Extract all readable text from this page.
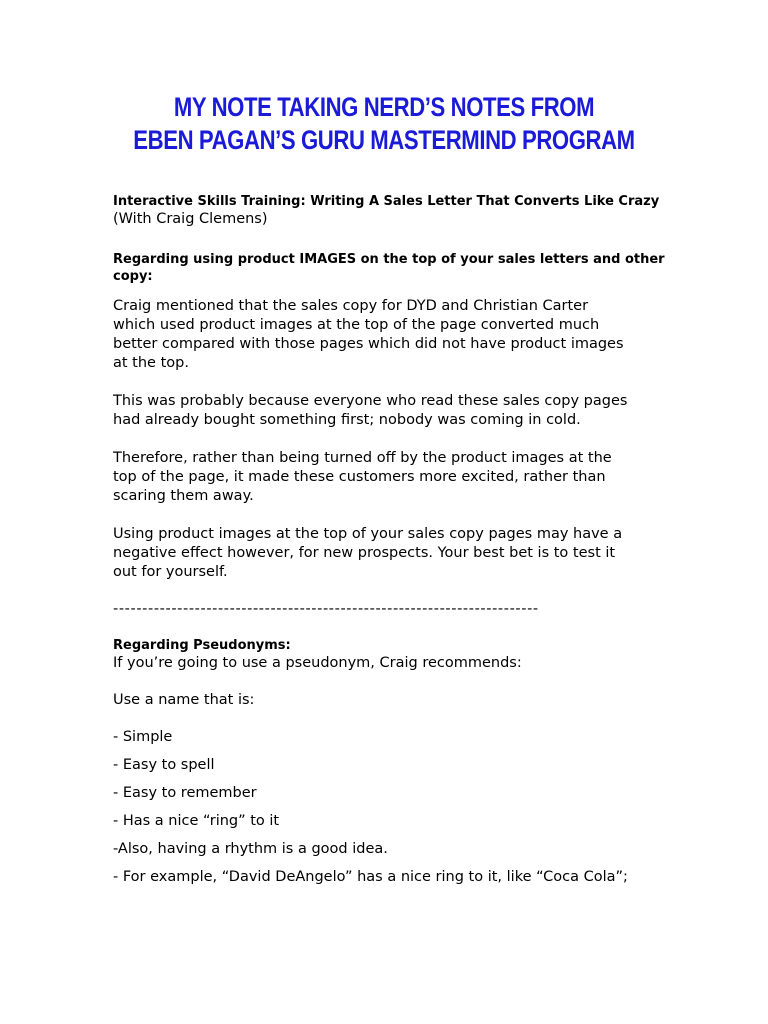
MY NOTE TAKING NERD’S NOTES FROM
EBEN PAGAN’S GURU MASTERMIND PROGRAM

Interactive Skills Training: Writing A Sales Letter That Converts Like Crazy

(With Craig Clemens)

Regarding using product IMAGES on the top of your sales letters and other
copy:

Craig mentioned that the sales copy for DYD and Christian Carter
which used product images at the top of the page converted much
better compared with those pages which did not have product images
at the top.

This was probably because everyone who read these sales copy pages
had already bought something first; nobody was coming in cold.

Therefore, rather than being turned off by the product images at the
top of the page, it made these customers more excited, rather than
scaring them away.

Using product images at the top of your sales copy pages may have a
negative effect however, for new prospects. Your best bet is to test it
out for yourself.

-------------------------------------------------------------------------

Regarding Pseudonyms:

If you’re going to use a pseudonym, Craig recommends:

Use a name that is:

- Simple
- Easy to spell
- Easy to remember
- Has a nice “ring” to it
-Also, having a rhythm is a good idea.
- For example, “David DeAngelo” has a nice ring to it, like “Coca Cola”;
